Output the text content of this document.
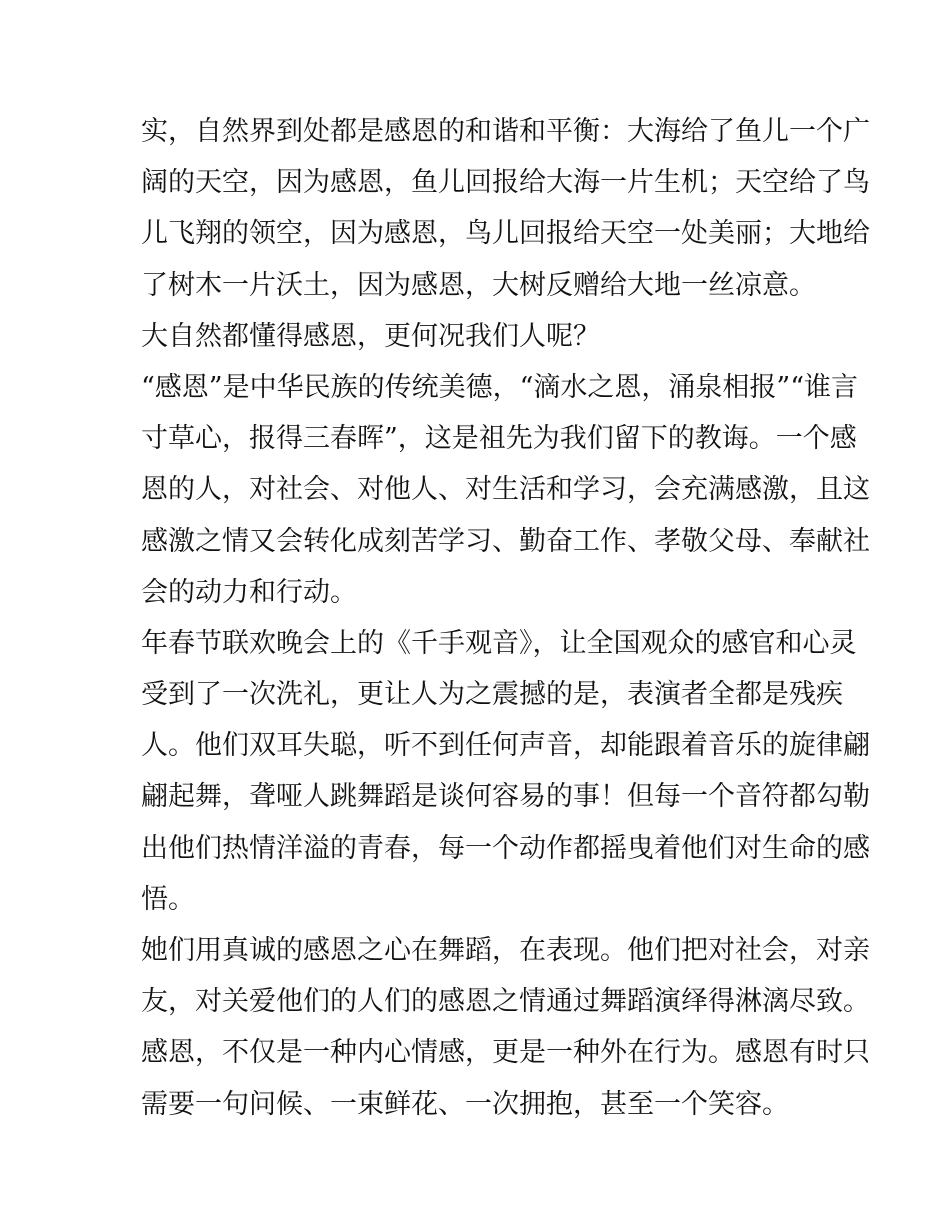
实，自然界到处都是感恩的和谐和平衡：大海给了鱼儿一个广
阔的天空，因为感恩，鱼儿回报给大海一片生机；天空给了鸟
儿飞翔的领空，因为感恩，鸟儿回报给天空一处美丽；大地给
了树木一片沃土，因为感恩，大树反赠给大地一丝凉意。
大自然都懂得感恩，更何况我们人呢？
“感恩”是中华民族的传统美德，“滴水之恩，涌泉相报”“谁言
寸草心，报得三春晖”，这是祖先为我们留下的教诲。一个感
恩的人，对社会、对他人、对生活和学习，会充满感激，且这
感激之情又会转化成刻苦学习、勤奋工作、孝敬父母、奉献社
会的动力和行动。
年春节联欢晚会上的《千手观音》，让全国观众的感官和心灵
受到了一次洗礼，更让人为之震撼的是，表演者全都是残疾
人。他们双耳失聪，听不到任何声音，却能跟着音乐的旋律翩
翩起舞，聋哑人跳舞蹈是谈何容易的事！但每一个音符都勾勒
出他们热情洋溢的青春，每一个动作都摇曳着他们对生命的感
悟。
她们用真诚的感恩之心在舞蹈，在表现。他们把对社会，对亲
友，对关爱他们的人们的感恩之情通过舞蹈演绎得淋漓尽致。
感恩，不仅是一种内心情感，更是一种外在行为。感恩有时只
需要一句问候、一束鲜花、一次拥抱，甚至一个笑容。
